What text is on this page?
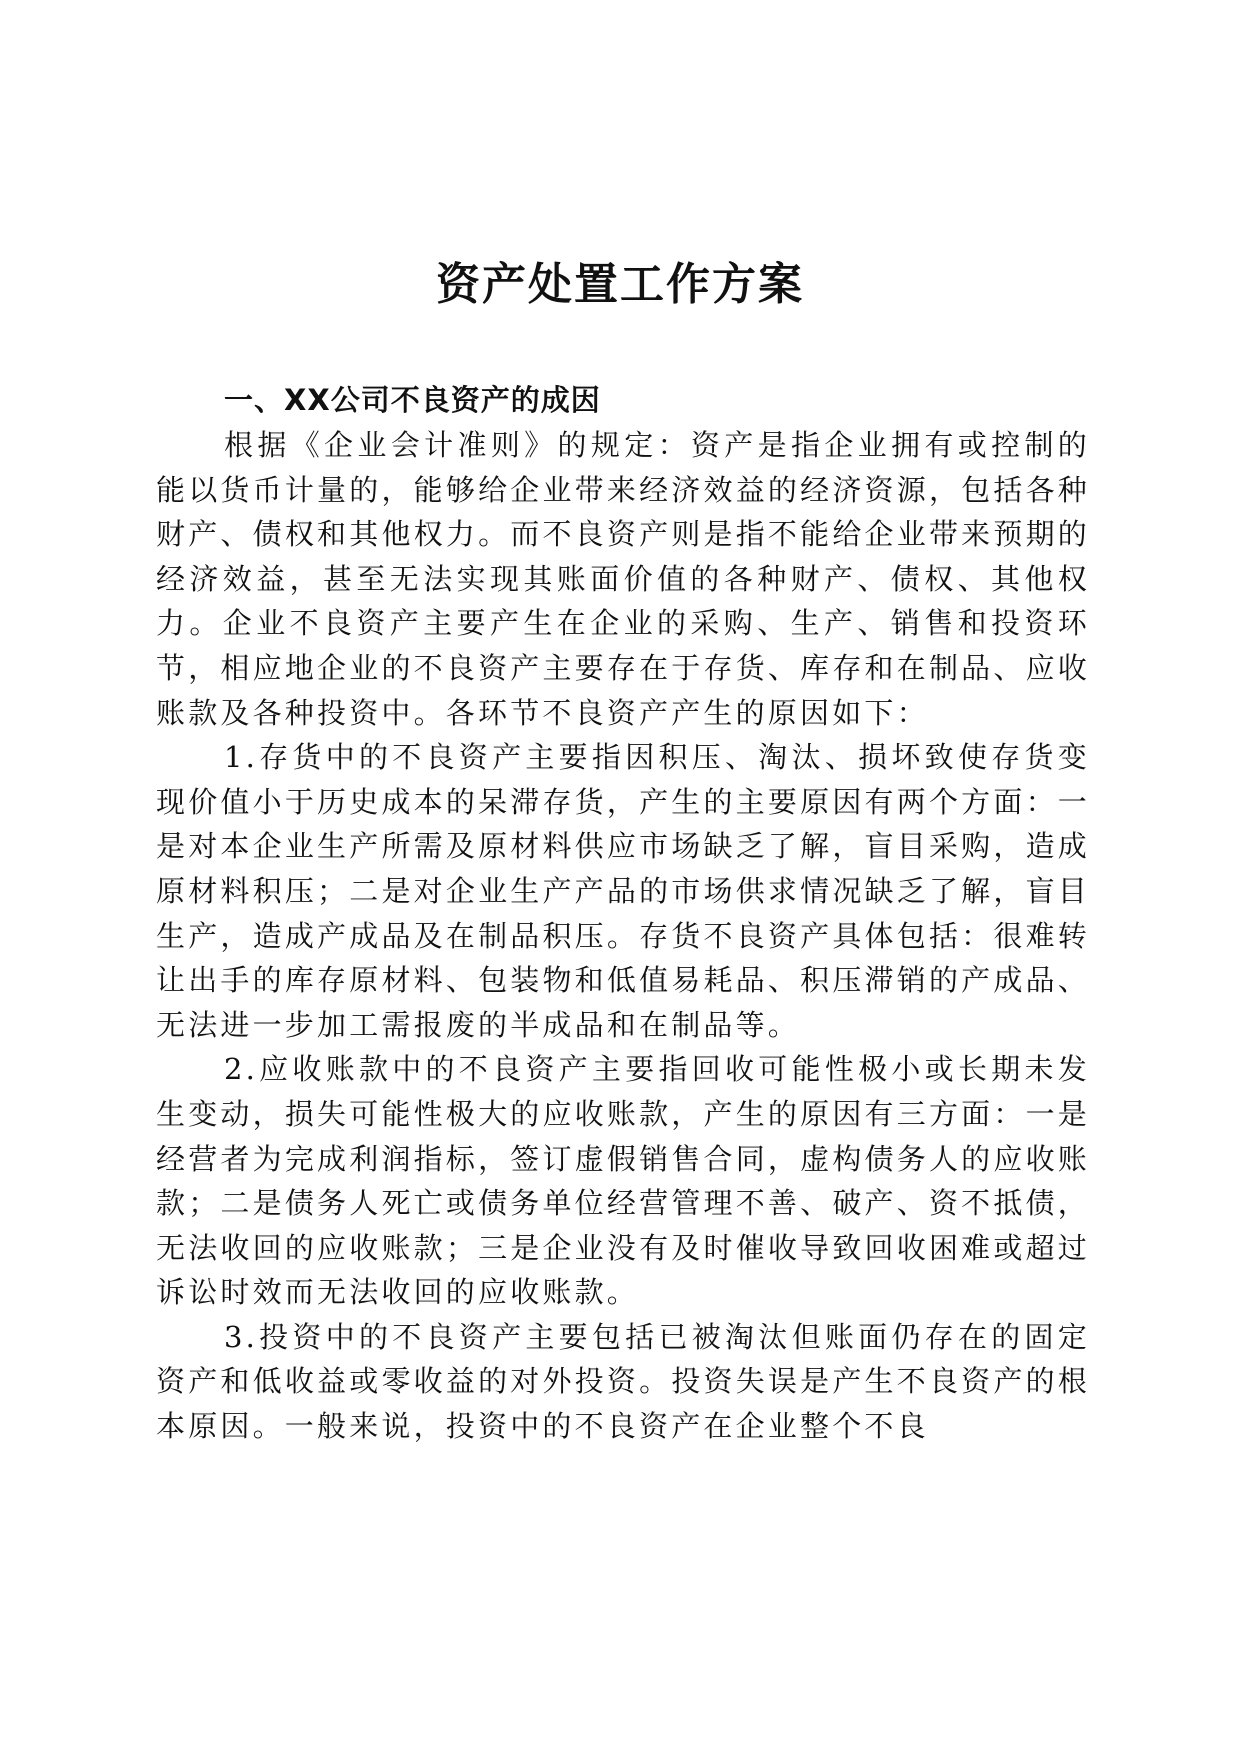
资产处置工作方案
一、XX公司不良资产的成因

根据《企业会计准则》的规定：资产是指企业拥有或控制的能以货币计量的，能够给企业带来经济效益的经济资源，包括各种财产、债权和其他权力。而不良资产则是指不能给企业带来预期的经济效益，甚至无法实现其账面价值的各种财产、债权、其他权力。企业不良资产主要产生在企业的采购、生产、销售和投资环节，相应地企业的不良资产主要存在于存货、库存和在制品、应收账款及各种投资中。各环节不良资产产生的原因如下：

1.存货中的不良资产主要指因积压、淘汰、损坏致使存货变现价值小于历史成本的呆滞存货，产生的主要原因有两个方面：一是对本企业生产所需及原材料供应市场缺乏了解，盲目采购，造成原材料积压；二是对企业生产产品的市场供求情况缺乏了解，盲目生产，造成产成品及在制品积压。存货不良资产具体包括：很难转让出手的库存原材料、包装物和低值易耗品、积压滞销的产成品、无法进一步加工需报废的半成品和在制品等。

2.应收账款中的不良资产主要指回收可能性极小或长期未发生变动，损失可能性极大的应收账款，产生的原因有三方面：一是经营者为完成利润指标，签订虚假销售合同，虚构债务人的应收账款；二是债务人死亡或债务单位经营管理不善、破产、资不抵债，无法收回的应收账款；三是企业没有及时催收导致回收困难或超过诉讼时效而无法收回的应收账款。

3.投资中的不良资产主要包括已被淘汰但账面仍存在的固定资产和低收益或零收益的对外投资。投资失误是产生不良资产的根本原因。一般来说，投资中的不良资产在企业整个不良
